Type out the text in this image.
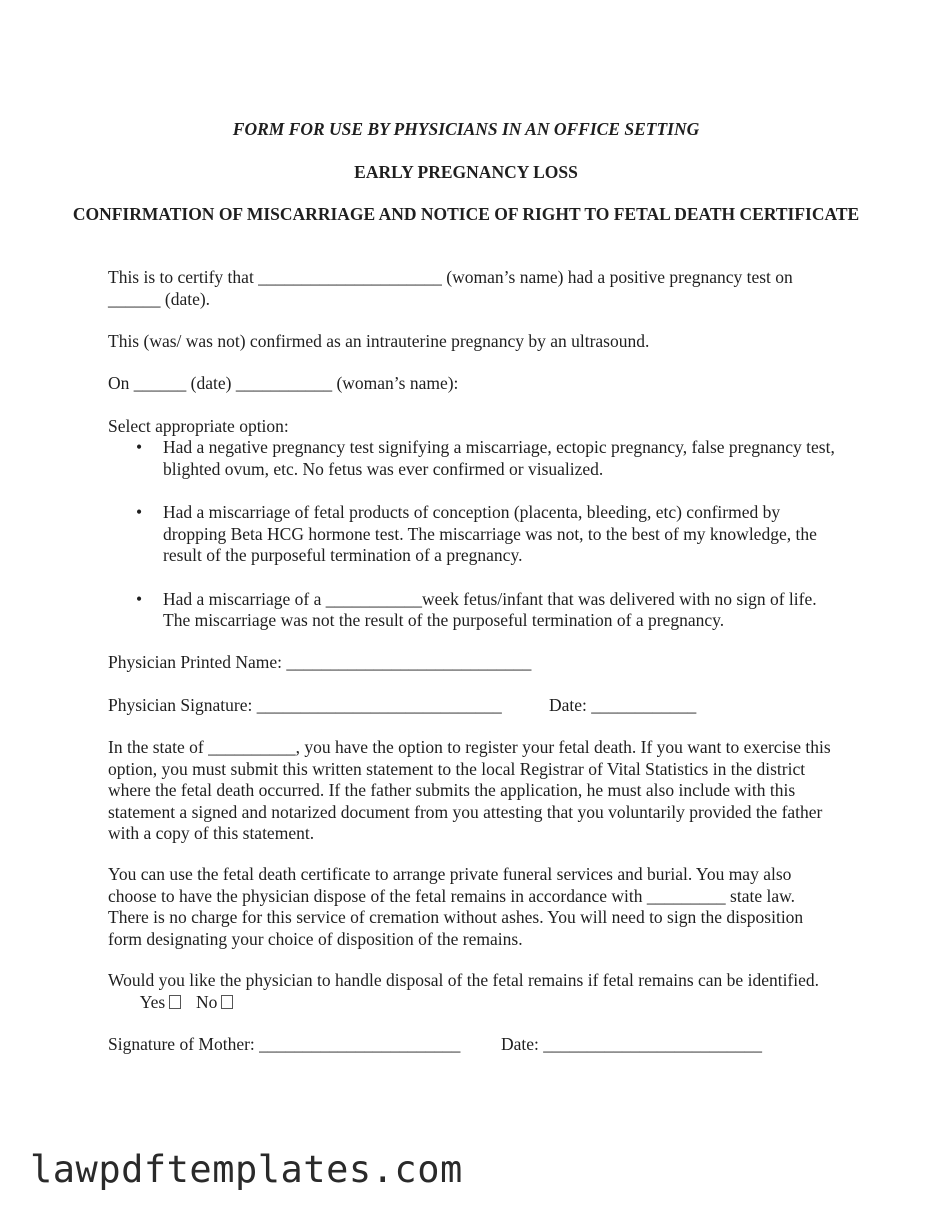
FORM FOR USE BY PHYSICIANS IN AN OFFICE SETTING
EARLY PREGNANCY LOSS
CONFIRMATION OF MISCARRIAGE AND NOTICE OF RIGHT TO FETAL DEATH CERTIFICATE

This is to certify that _____________________ (woman’s name) had a positive pregnancy test on ______ (date).

This (was/ was not) confirmed as an intrauterine pregnancy by an ultrasound.

On ______ (date) ___________ (woman’s name):

Select appropriate option:

• Had a negative pregnancy test signifying a miscarriage, ectopic pregnancy, false pregnancy test, blighted ovum, etc. No fetus was ever confirmed or visualized.
• Had a miscarriage of fetal products of conception (placenta, bleeding, etc) confirmed by dropping Beta HCG hormone test. The miscarriage was not, to the best of my knowledge, the result of the purposeful termination of a pregnancy.
• Had a miscarriage of a ___________week fetus/infant that was delivered with no sign of life. The miscarriage was not the result of the purposeful termination of a pregnancy.
Physician Printed Name: ____________________________
Physician Signature: ____________________________	Date: ____________

In the state of __________, you have the option to register your fetal death. If you want to exercise this option, you must submit this written statement to the local Registrar of Vital Statistics in the district where the fetal death occurred. If the father submits the application, he must also include with this statement a signed and notarized document from you attesting that you voluntarily provided the father with a copy of this statement.

You can use the fetal death certificate to arrange private funeral services and burial. You may also choose to have the physician dispose of the fetal remains in accordance with _________ state law. There is no charge for this service of cremation without ashes. You will need to sign the disposition form designating your choice of disposition of the remains.

Would you like the physician to handle disposal of the fetal remains if fetal remains can be identified.  Yes No
Signature of Mother: _______________________ Date: _________________________
lawpdftemplates.com
